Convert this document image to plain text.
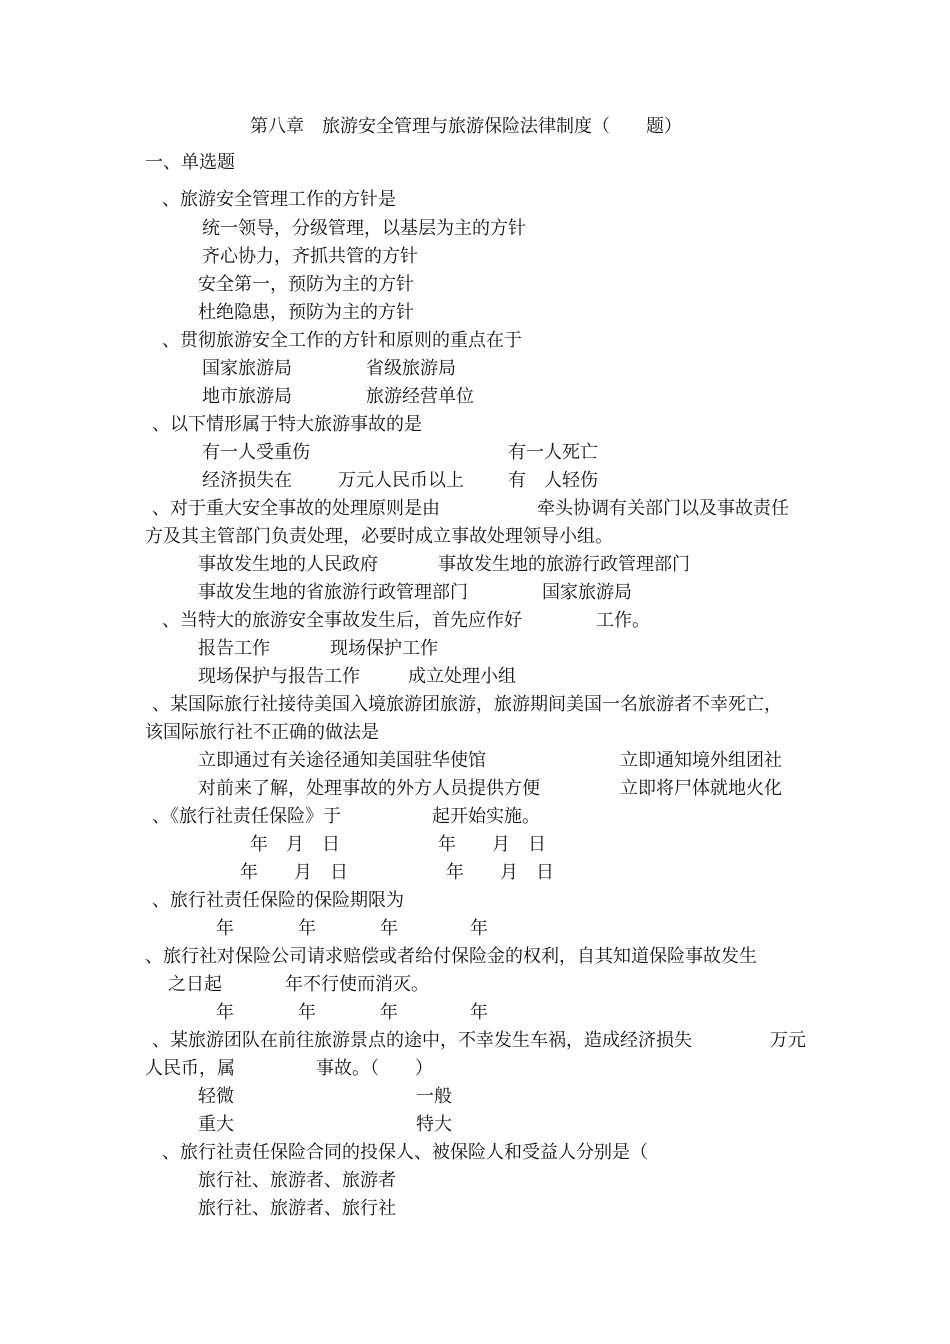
第八章　旅游安全管理与旅游保险法律制度（　　题）
一、单选题
、旅游安全管理工作的方针是
统一领导，分级管理，以基层为主的方针
齐心协力，齐抓共管的方针
安全第一，预防为主的方针
杜绝隐患，预防为主的方针
、贯彻旅游安全工作的方针和原则的重点在于
国家旅游局	省级旅游局
地市旅游局	旅游经营单位
、以下情形属于特大旅游事故的是
有一人受重伤	有一人死亡
经济损失在	万元人民币以上 有　人轻伤
、对于重大安全事故的处理原则是由	牵头协调有关部门以及事故责任
方及其主管部门负责处理，必要时成立事故处理领导小组。
事故发生地的人民政府	事故发生地的旅游行政管理部门
事故发生地的省旅游行政管理部门	国家旅游局
、当特大的旅游安全事故发生后，首先应作好	工作。
报告工作	现场保护工作
现场保护与报告工作	成立处理小组
、某国际旅行社接待美国入境旅游团旅游，旅游期间美国一名旅游者不幸死亡，
该国际旅行社不正确的做法是
立即通过有关途径通知美国驻华使馆	立即通知境外组团社
对前来了解，处理事故的外方人员提供方便	立即将尸体就地火化
、《旅行社责任保险》于	起开始实施。
年　月　日	年　　月　日
年　　月　日	年　　月　日
、旅行社责任保险的保险期限为
年	年	年	年
、旅行社对保险公司请求赔偿或者给付保险金的权利，自其知道保险事故发生
之日起	年不行使而消灭。
年	年	年	年
、某旅游团队在前往旅游景点的途中，不幸发生车祸，造成经济损失	万元
人民币，属	事故。（　　）
轻微	一般
重大	特大
、旅行社责任保险合同的投保人、被保险人和受益人分别是（
旅行社、旅游者、旅游者
旅行社、旅游者、旅行社
